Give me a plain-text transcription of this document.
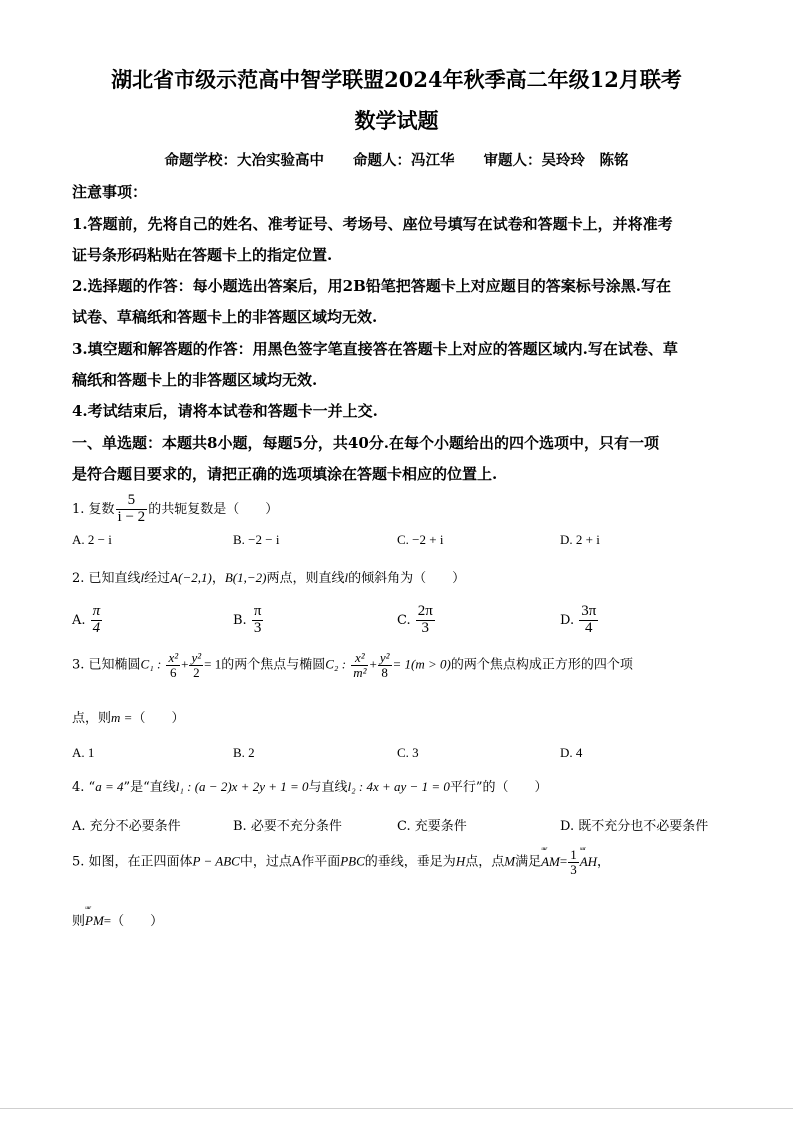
湖北省市级示范高中智学联盟2024年秋季高二年级12月联考
数学试题
命题学校：大冶实验高中　　命题人：冯江华　　审题人：吴玲玲　陈铭
注意事项：
1.答题前，先将自己的姓名、准考证号、考场号、座位号填写在试卷和答题卡上，并将准考
证号条形码粘贴在答题卡上的指定位置.
2.选择题的作答：每小题选出答案后，用2B铅笔把答题卡上对应题目的答案标号涂黑.写在
试卷、草稿纸和答题卡上的非答题区域均无效.
3.填空题和解答题的作答：用黑色签字笔直接答在答题卡上对应的答题区域内.写在试卷、草
稿纸和答题卡上的非答题区域均无效.
4.考试结束后，请将本试卷和答题卡一并上交.
一、单选题：本题共8小题，每题5分，共40分.在每个小题给出的四个选项中，只有一项
是符合题目要求的，请把正确的选项填涂在答题卡相应的位置上.
1. 复数 $\frac{5}{i - 2}$ 的共轭复数是（　　）
A. 2 − i	B. −2 − i	C. −2 + i	D. 2 + i
2. 已知直线l经过A(−2,1)，B(1,−2)两点，则直线l的倾斜角为（　　）
A. $\frac{\pi}{4}$	B. $\frac{\pi}{3}$	C. $\frac{2\pi}{3}$	D. $\frac{3\pi}{4}$
3. 已知椭圆C₁ : $\frac{\text{x²}}{6} + \frac{\text{y²}}{2} = 1$的两个焦点与椭圆C₂ : $\frac{\text{x²}}{\text{m²}} + \frac{\text{y²}}{8} = 1(m > 0)$的两个焦点构成正方形的四个项
点，则m =（　　）
A. 1	B. 2	C. 3	D. 4
4. “a = 4”是“直线l₁ : (a − 2)x + 2y + 1 = 0与直线l₂ : 4x + ay − 1 = 0平行”的（　　）
A. 充分不必要条件	B. 必要不充分条件	C. 充要条件	D. 既不充分也不必要条件
5. 如图，在正四面体P − ABC中，过点A作平面PBC的垂线，垂足为H点，点M满足ᵘᵘᵘʳ $AM= \frac{1}{3}$
ᵘᵘᵘʳ AH，
则ᵘᵘᵘʳ PM=（　　）
